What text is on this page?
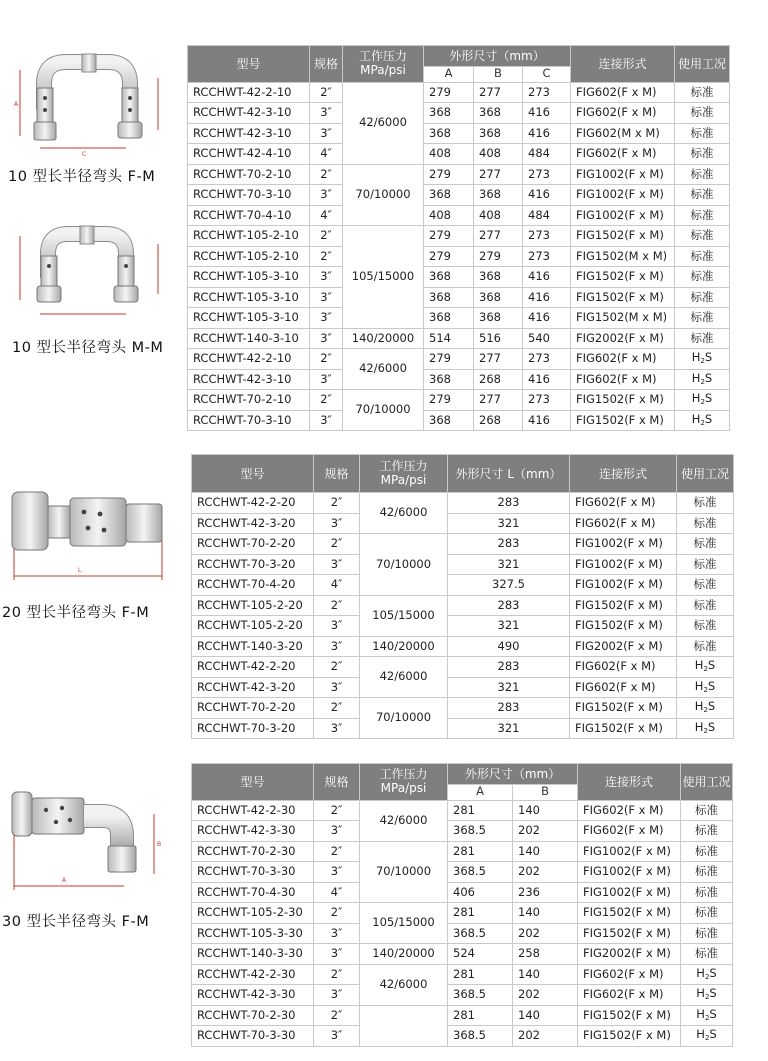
A
C
10 型长半径弯头 F-M
10 型长半径弯头 M-M
L
20 型长半径弯头 F-M
A
B
30 型长半径弯头 F-M
型号	规格	工作压力
MPa/psi	外形尺寸（mm）			连接形式	使用工况
			A	B	C		
RCCHWT-42-2-10	2″	42/6000	279	277	273	FIG602(F x M)	标准
RCCHWT-42-3-10	3″		368	368	416	FIG602(F x M)	标准
RCCHWT-42-3-10	3″		368	368	416	FIG602(M x M)	标准
RCCHWT-42-4-10	4″		408	408	484	FIG602(F x M)	标准
RCCHWT-70-2-10	2″	70/10000	279	277	273	FIG1002(F x M)	标准
RCCHWT-70-3-10	3″		368	368	416	FIG1002(F x M)	标准
RCCHWT-70-4-10	4″		408	408	484	FIG1002(F x M)	标准
RCCHWT-105-2-10	2″	105/15000	279	277	273	FIG1502(F x M)	标准
RCCHWT-105-2-10	2″		279	279	273	FIG1502(M x M)	标准
RCCHWT-105-3-10	3″		368	368	416	FIG1502(F x M)	标准
RCCHWT-105-3-10	3″		368	368	416	FIG1502(F x M)	标准
RCCHWT-105-3-10	3″		368	368	416	FIG1502(M x M)	标准
RCCHWT-140-3-10	3″	140/20000	514	516	540	FIG2002(F x M)	标准
RCCHWT-42-2-10	2″	42/6000	279	277	273	FIG602(F x M)	$H_2S$
RCCHWT-42-3-10	3″		368	268	416	FIG602(F x M)	$H_2S$
RCCHWT-70-2-10	2″	70/10000	279	277	273	FIG1502(F x M)	$H_2S$
RCCHWT-70-3-10	3″		368	268	416	FIG1502(F x M)	$H_2S$
型号	规格	工作压力
MPa/psi	外形尺寸 L（mm）	连接形式	使用工况
RCCHWT-42-2-20	2″	42/6000	283	FIG602(F x M)	标准
RCCHWT-42-3-20	3″		321	FIG602(F x M)	标准
RCCHWT-70-2-20	2″	70/10000	283	FIG1002(F x M)	标准
RCCHWT-70-3-20	3″		321	FIG1002(F x M)	标准
RCCHWT-70-4-20	4″		327.5	FIG1002(F x M)	标准
RCCHWT-105-2-20	2″	105/15000	283	FIG1502(F x M)	标准
RCCHWT-105-2-20	3″		321	FIG1502(F x M)	标准
RCCHWT-140-3-20	3″	140/20000	490	FIG2002(F x M)	标准
RCCHWT-42-2-20	2″	42/6000	283	FIG602(F x M)	$H_2S$
RCCHWT-42-3-20	3″		321	FIG602(F x M)	$H_2S$
RCCHWT-70-2-20	2″	70/10000	283	FIG1502(F x M)	$H_2S$
RCCHWT-70-3-20	3″		321	FIG1502(F x M)	$H_2S$
型号	规格	工作压力
MPa/psi	外形尺寸（mm）		连接形式	使用工况
			A	B		
RCCHWT-42-2-30	2″	42/6000	281	140	FIG602(F x M)	标准
RCCHWT-42-3-30	3″		368.5	202	FIG602(F x M)	标准
RCCHWT-70-2-30	2″	70/10000	281	140	FIG1002(F x M)	标准
RCCHWT-70-3-30	3″		368.5	202	FIG1002(F x M)	标准
RCCHWT-70-4-30	4″		406	236	FIG1002(F x M)	标准
RCCHWT-105-2-30	2″	105/15000	281	140	FIG1502(F x M)	标准
RCCHWT-105-3-30	3″		368.5	202	FIG1502(F x M)	标准
RCCHWT-140-3-30	3″	140/20000	524	258	FIG2002(F x M)	标准
RCCHWT-42-2-30	2″	42/6000	281	140	FIG602(F x M)	$H_2S$
RCCHWT-42-3-30	3″		368.5	202	FIG602(F x M)	$H_2S$
RCCHWT-70-2-30	2″		281	140	FIG1502(F x M)	$H_2S$
RCCHWT-70-3-30	3″		368.5	202	FIG1502(F x M)	$H_2S$
